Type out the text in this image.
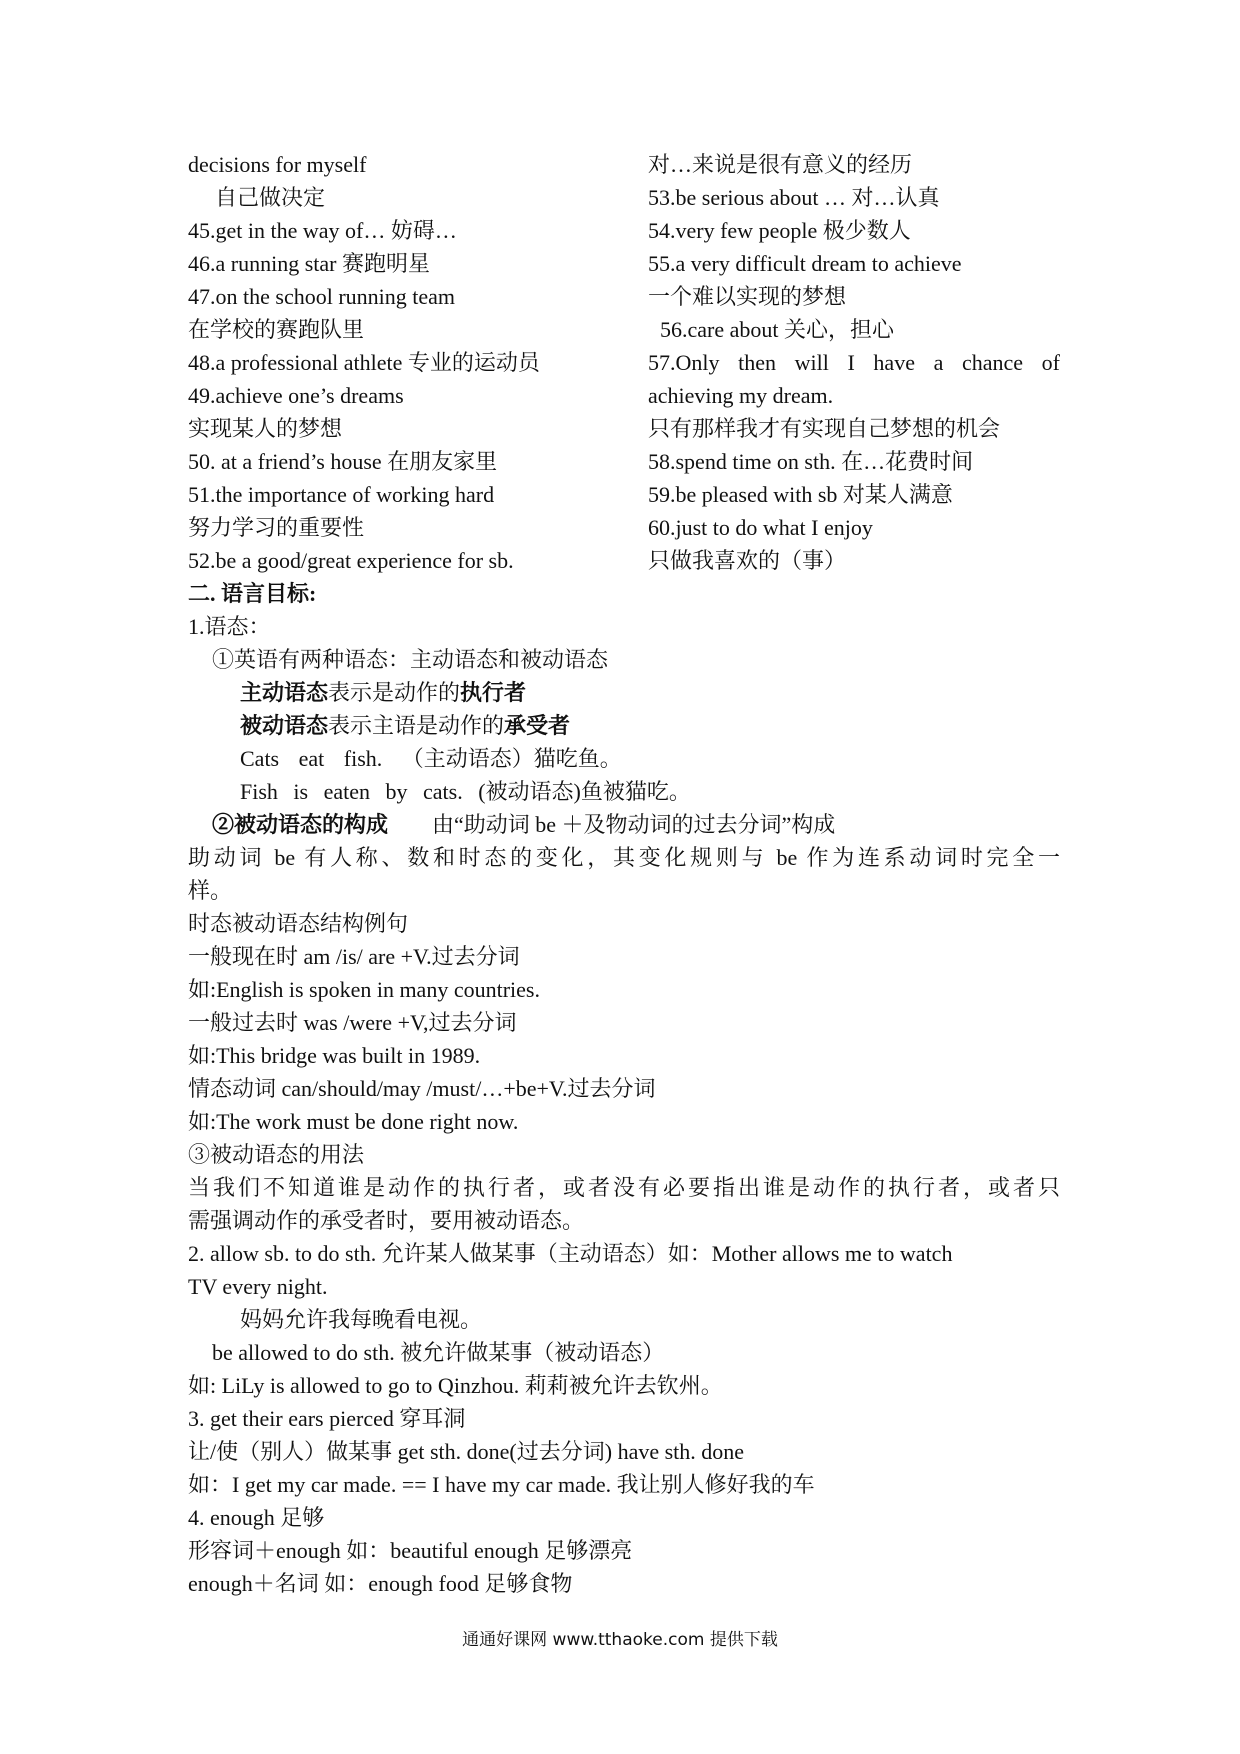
decisions for myself
自己做决定
45.get in the way of… 妨碍…
46.a running star 赛跑明星
47.on the school running team
在学校的赛跑队里
48.a professional athlete 专业的运动员
49.achieve one’s dreams
实现某人的梦想
50. at a friend’s house 在朋友家里
51.the importance of working hard
努力学习的重要性
52.be a good/great experience for sb.
对…来说是很有意义的经历
53.be serious about … 对…认真
54.very few people 极少数人
55.a very difficult dream to achieve
一个难以实现的梦想
56.care about 关心，担心
57.Only then will I have a chance of
achieving my dream.
只有那样我才有实现自己梦想的机会
58.spend time on sth. 在…花费时间
59.be pleased with sb 对某人满意
60.just to do what I enjoy
只做我喜欢的（事）
二. 语言目标:
1.语态：
①英语有两种语态：主动语态和被动语态
主动语态表示是动作的执行者
被动语态表示主语是动作的承受者
Cats eat fish. （主动语态）猫吃鱼。
Fish is eaten by cats. (被动语态)鱼被猫吃。
②被动语态的构成 由“助动词 be ＋及物动词的过去分词”构成
助动词 be 有人称、数和时态的变化，其变化规则与 be 作为连系动词时完全一
样。
时态被动语态结构例句
一般现在时 am /is/ are +V.过去分词
如:English is spoken in many countries.
一般过去时 was /were +V,过去分词
如:This bridge was built in 1989.
情态动词 can/should/may /must/…+be+V.过去分词
如:The work must be done right now.
③被动语态的用法
当我们不知道谁是动作的执行者，或者没有必要指出谁是动作的执行者，或者只
需强调动作的承受者时，要用被动语态。
2. allow sb. to do sth. 允许某人做某事（主动语态）如：Mother allows me to watch
TV every night.
妈妈允许我每晚看电视。
be allowed to do sth. 被允许做某事（被动语态）
如: LiLy is allowed to go to Qinzhou. 莉莉被允许去钦州。
3. get their ears pierced 穿耳洞
让/使（别人）做某事 get sth. done(过去分词) have sth. done
如：I get my car made. == I have my car made. 我让别人修好我的车
4. enough 足够
形容词＋enough 如：beautiful enough 足够漂亮
enough＋名词 如：enough food 足够食物
通通好课网 www.tthaoke.com 提供下载
